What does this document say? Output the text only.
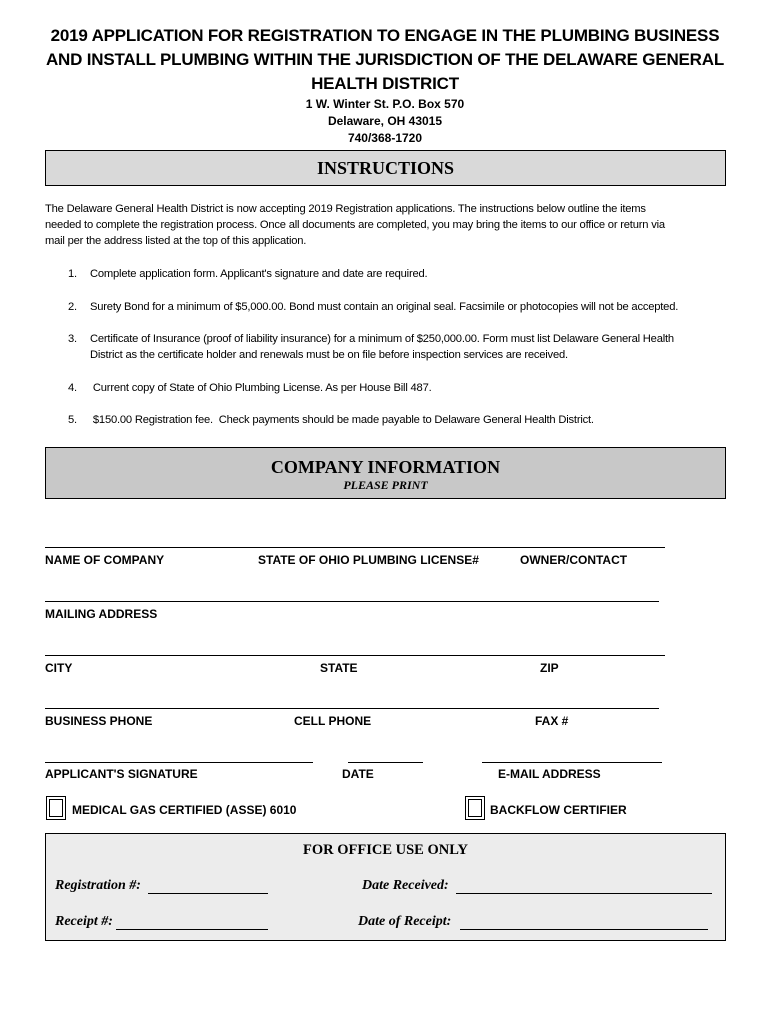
2019 APPLICATION FOR REGISTRATION TO ENGAGE IN THE PLUMBING BUSINESS
AND INSTALL PLUMBING WITHIN THE JURISDICTION OF THE DELAWARE GENERAL
HEALTH DISTRICT
1 W. Winter St. P.O. Box 570
Delaware, OH 43015
740/368-1720
INSTRUCTIONS
The Delaware General Health District is now accepting 2019 Registration applications. The instructions below outline the items
needed to complete the registration process. Once all documents are completed, you may bring the items to our office or return via
mail per the address listed at the top of this application.
1. Complete application form. Applicant's signature and date are required.
2. Surety Bond for a minimum of $5,000.00. Bond must contain an original seal. Facsimile or photocopies will not be accepted.
3. Certificate of Insurance (proof of liability insurance) for a minimum of $250,000.00. Form must list Delaware General Health
District as the certificate holder and renewals must be on file before inspection services are received.
4. Current copy of State of Ohio Plumbing License. As per House Bill 487.
5. $150.00 Registration fee.  Check payments should be made payable to Delaware General Health District.
COMPANY INFORMATION
PLEASE PRINT
NAME OF COMPANY	STATE OF OHIO PLUMBING LICENSE#	OWNER/CONTACT
MAILING ADDRESS
CITY	STATE	ZIP
BUSINESS PHONE	CELL PHONE	FAX #
APPLICANT'S SIGNATURE	DATE	E-MAIL ADDRESS
MEDICAL GAS CERTIFIED (ASSE) 6010	BACKFLOW CERTIFIER
FOR OFFICE USE ONLY
Registration #:	Date Received:
Receipt #:	Date of Receipt:
